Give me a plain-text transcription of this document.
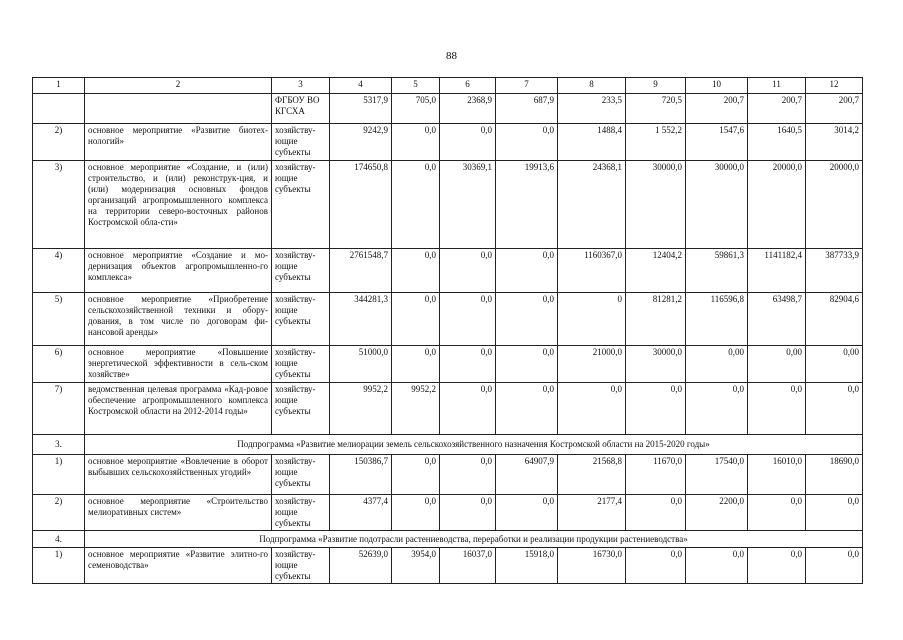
88
1	2	3	4	5	6	7	8	9	10	11	12
		ФГБОУ ВО КГСХА	5317,9	705,0	2368,9	687,9	233,5	720,5	200,7	200,7	200,7
2)	основное мероприятие «Развитие биотех-нологий»	хозяйству-ющие субъекты	9242,9	0,0	0,0	0,0	1488,4	1 552,2	1547,6	1640,5	3014,2
3)	основное мероприятие «Создание, и (или) строительство, и (или) реконструк-ция, и (или) модернизация основных фондов организаций агропромышленного комплекса на территории северо-восточных районов Костромской обла-сти»	хозяйству-ющие субъекты	174650,8	0,0	30369,1	19913,6	24368,1	30000,0	30000,0	20000,0	20000,0
4)	основное мероприятие «Создание и мо-дернизация объектов агропромышленно-го комплекса»	хозяйству-ющие субъекты	2761548,7	0,0	0,0	0,0	1160367,0	12404,2	59861,3	1141182,4	387733,9
5)	основное мероприятие «Приобретение сельскохозяйственной техники и обору-дования, в том числе по договорам фи-нансовой аренды»	хозяйству-ющие субъекты	344281,3	0,0	0,0	0,0	0	81281,2	116596,8	63498,7	82904,6
6)	основное мероприятие «Повышение энергетической эффективности в сель-ском хозяйстве»	хозяйству-ющие субъекты	51000,0	0,0	0,0	0,0	21000,0	30000,0	0,00	0,00	0,00
7)	ведомственная целевая программа «Кад-ровое обеспечение агропромышленного комплекса Костромской области на 2012-2014 годы»	хозяйству-ющие субъекты	9952,2	9952,2	0,0	0,0	0,0	0,0	0,0	0,0	0,0
3.	Подпрограмма «Развитие мелиорации земель сельскохозяйственного назначения Костромской области на 2015-2020 годы»										
1)	основное мероприятие «Вовлечение в оборот выбывших сельскохозяйственных угодий»	хозяйству-ющие субъекты	150386,7	0,0	0,0	64907,9	21568,8	11670,0	17540,0	16010,0	18690,0
2)	основное мероприятие «Строительство мелиоративных систем»	хозяйству-ющие субъекты	4377,4	0,0	0,0	0,0	2177,4	0,0	2200,0	0,0	0,0
4.	Подпрограмма «Развитие подотрасли растениеводства, переработки и реализации продукции растениеводства»										
1)	основное мероприятие «Развитие элитно-го семеноводства»	хозяйству-ющие субъекты	52639,0	3954,0	16037,0	15918,0	16730,0	0,0	0,0	0,0	0,0
